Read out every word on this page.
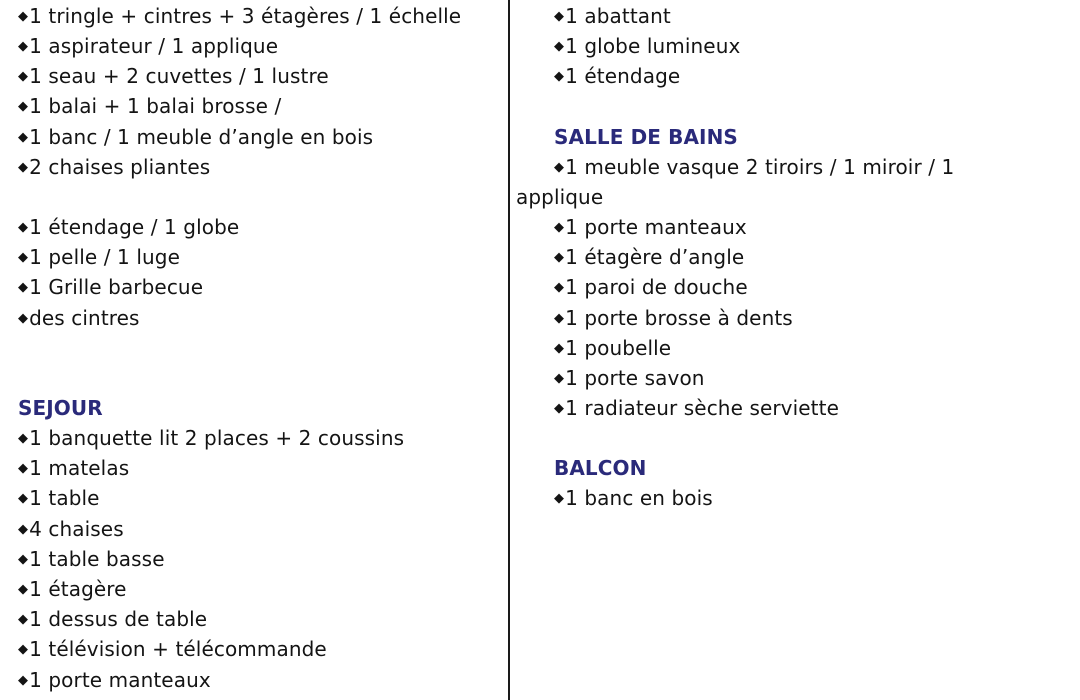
◆1 tringle + cintres + 3 étagères / 1 échelle
◆1 aspirateur / 1 applique
◆1 seau + 2 cuvettes / 1 lustre
◆1 balai + 1 balai brosse /
◆1 banc / 1 meuble d’angle en bois
◆2 chaises pliantes
◆1 étendage / 1 globe
◆1 pelle / 1 luge
◆1 Grille barbecue
◆des cintres
SEJOUR
◆1 banquette lit 2 places + 2 coussins
◆1 matelas
◆1 table
◆4 chaises
◆1 table basse
◆1 étagère
◆1 dessus de table
◆1 télévision + télécommande
◆1 porte manteaux
◆1 abattant
◆1 globe lumineux
◆1 étendage
SALLE DE BAINS
◆1 meuble vasque 2 tiroirs / 1 miroir / 1
applique
◆1 porte manteaux
◆1 étagère d’angle
◆1 paroi de douche
◆1 porte brosse à dents
◆1 poubelle
◆1 porte savon
◆1 radiateur sèche serviette
BALCON
◆1 banc en bois
